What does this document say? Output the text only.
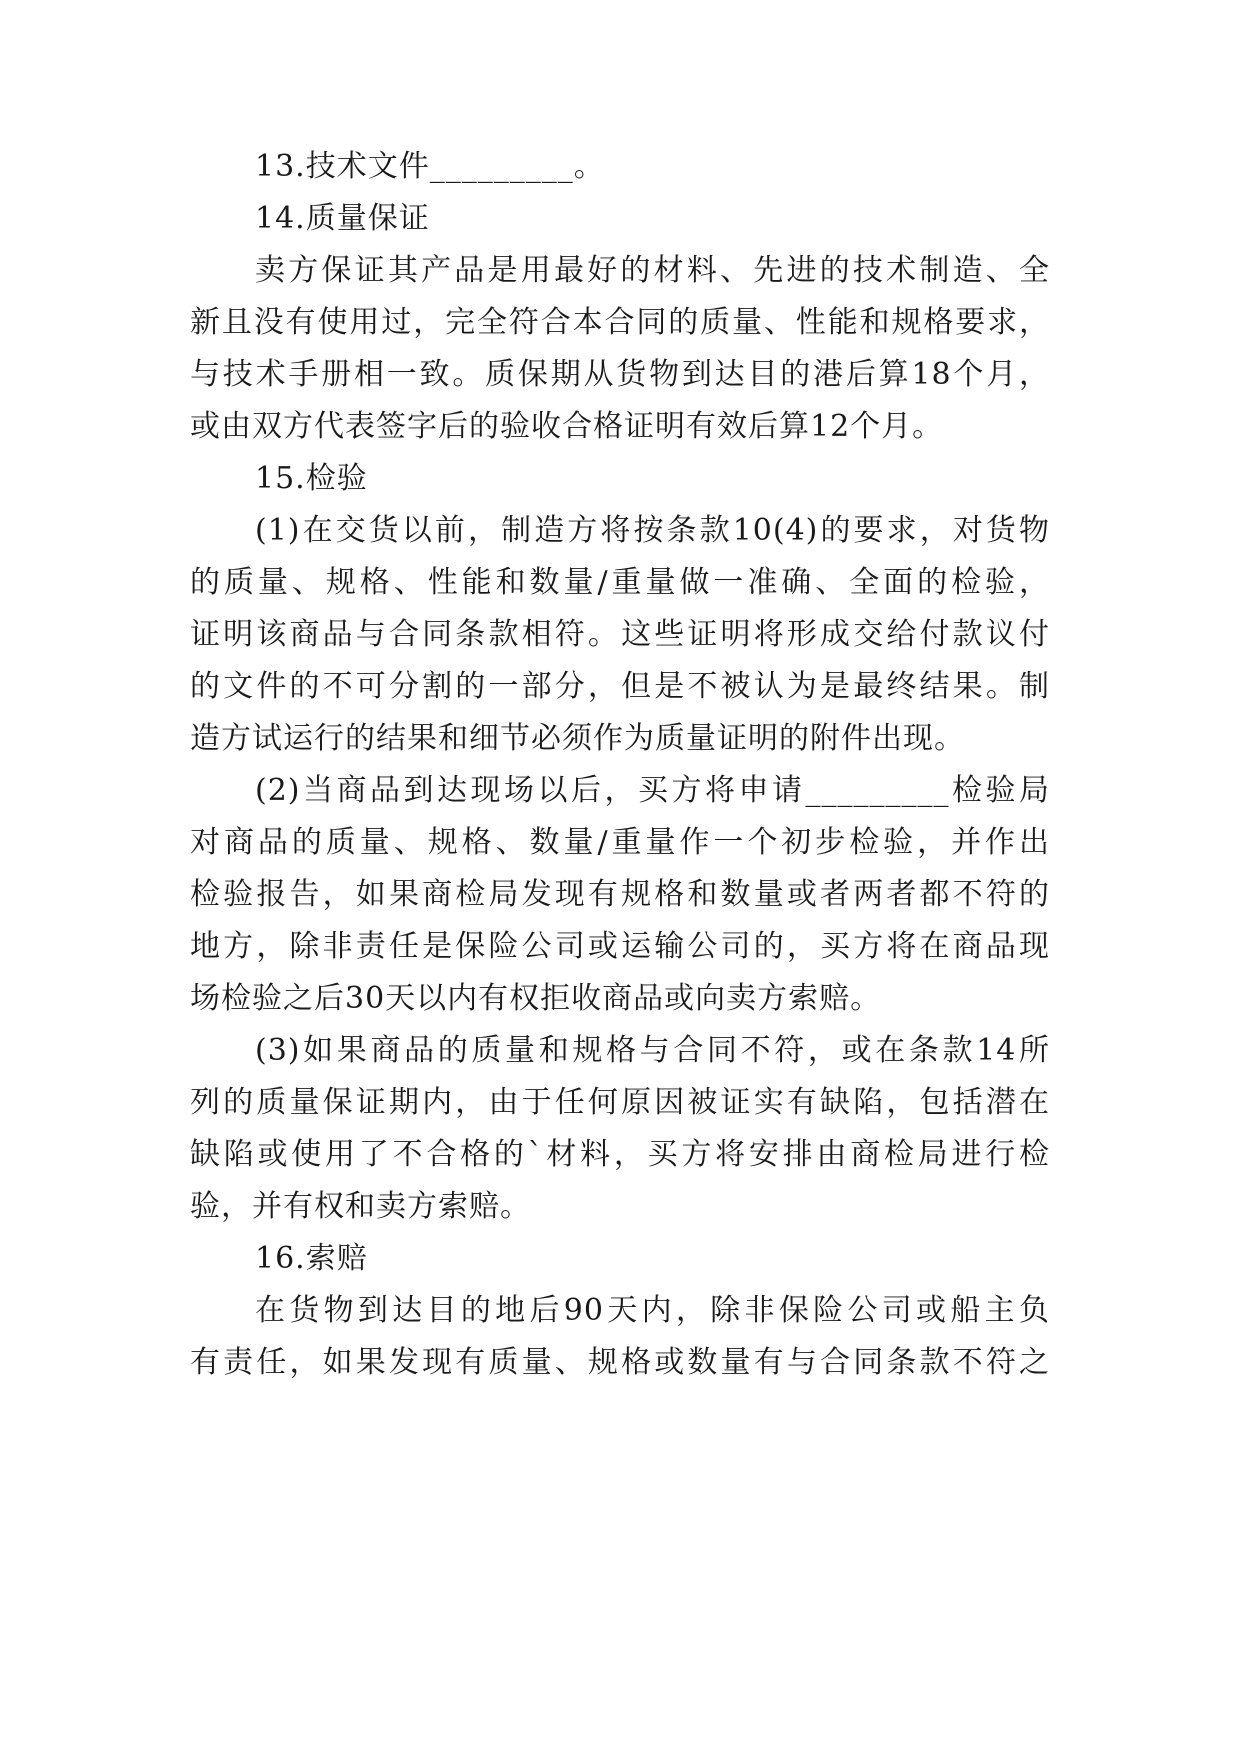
13.技术文件_________。
14.质量保证
卖方保证其产品是用最好的材料、先进的技术制造、全
新且没有使用过，完全符合本合同的质量、性能和规格要求，
与技术手册相一致。质保期从货物到达目的港后算18个月，
或由双方代表签字后的验收合格证明有效后算12个月。
15.检验
(1)在交货以前，制造方将按条款10(4)的要求，对货物
的质量、规格、性能和数量/重量做一准确、全面的检验，
证明该商品与合同条款相符。这些证明将形成交给付款议付
的文件的不可分割的一部分，但是不被认为是最终结果。制
造方试运行的结果和细节必须作为质量证明的附件出现。
(2)当商品到达现场以后，买方将申请_________检验局
对商品的质量、规格、数量/重量作一个初步检验，并作出
检验报告，如果商检局发现有规格和数量或者两者都不符的
地方，除非责任是保险公司或运输公司的，买方将在商品现
场检验之后30天以内有权拒收商品或向卖方索赔。
(3)如果商品的质量和规格与合同不符，或在条款14所
列的质量保证期内，由于任何原因被证实有缺陷，包括潜在
缺陷或使用了不合格的`材料，买方将安排由商检局进行检
验，并有权和卖方索赔。
16.索赔
在货物到达目的地后90天内，除非保险公司或船主负
有责任，如果发现有质量、规格或数量有与合同条款不符之
